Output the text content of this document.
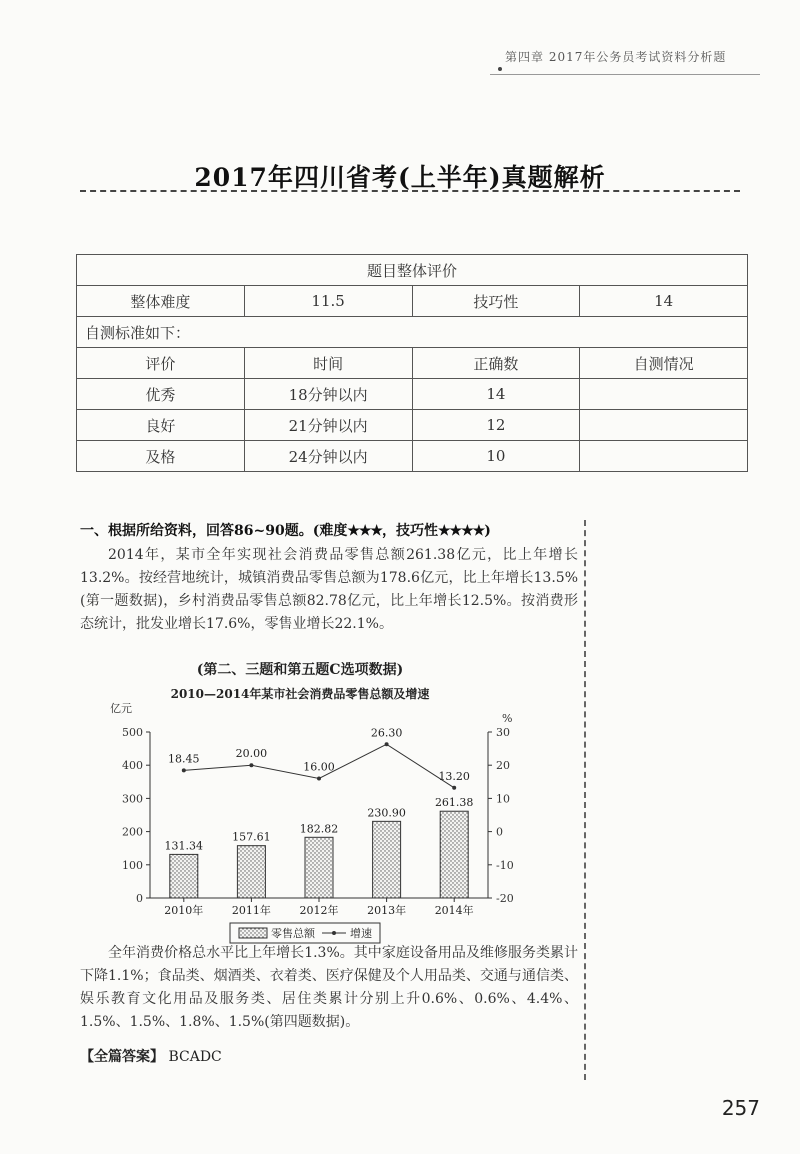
第四章 2017年公务员考试资料分析题
2017年四川省考(上半年)真题解析
题目整体评价			
整体难度	11.5	技巧性	14
自测标准如下：			
评价	时间	正确数	自测情况
优秀	18分钟以内	14	
良好	21分钟以内	12	
及格	24分钟以内	10	
一、根据所给资料，回答86~90题。(难度★★★，技巧性★★★★)
2014年，某市全年实现社会消费品零售总额261.38亿元，比上年增长13.2%。按经营地统计，城镇消费品零售总额为178.6亿元，比上年增长13.5%(第一题数据)，乡村消费品零售总额82.78亿元，比上年增长12.5%。按消费形态统计，批发业增长17.6%，零售业增长22.1%。
(第二、三题和第五题C选项数据)
2010—2014年某市社会消费品零售总额及增速
亿元
%
0
100
200
300
400
500
-20
-10
0
10
20
30
131.34
2010年
157.61
2011年
182.82
2012年
230.90
2013年
261.38
2014年
18.45	20.00
16.00
26.30
13.20
零售总额	增速
全年消费价格总水平比上年增长1.3%。其中家庭设备用品及维修服务类累计下降1.1%；食品类、烟酒类、衣着类、医疗保健及个人用品类、交通与通信类、娱乐教育文化用品及服务类、居住类累计分别上升0.6%、0.6%、4.4%、1.5%、1.5%、1.8%、1.5%(第四题数据)。
【全篇答案】 BCADC
257
